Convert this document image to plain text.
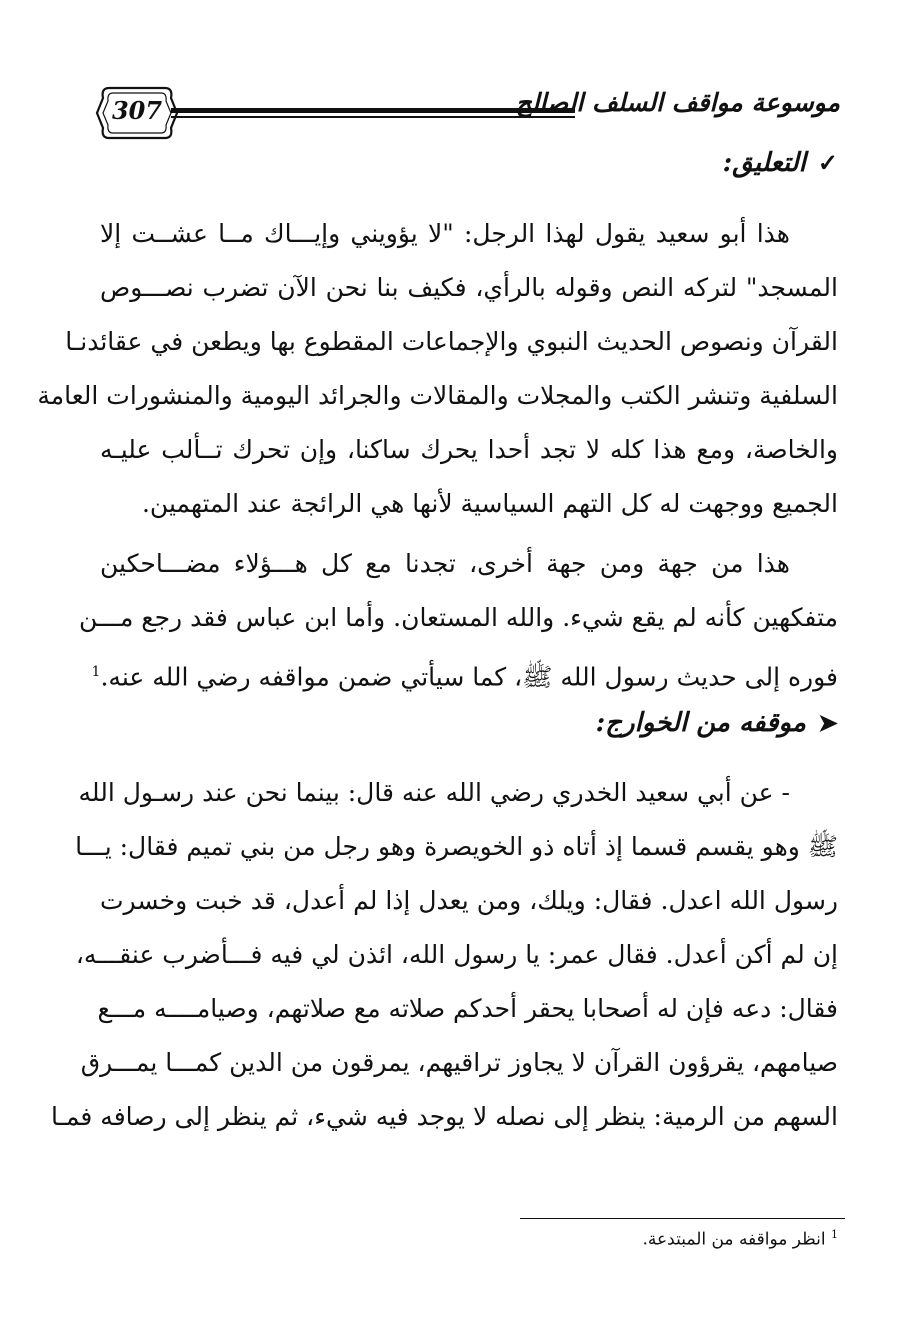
307	موسوعة مواقف السلف الصالح
✓التعليق:
هذا أبو سعيد يقول لهذا الرجل: "لا يؤويني وإيـــاك مــا عشــت إلا
المسجد" لتركه النص وقوله بالرأي، فكيف بنا نحن الآن تضرب نصـــوص
القرآن ونصوص الحديث النبوي والإجماعات المقطوع بها ويطعن في عقائدنـا
السلفية وتنشر الكتب والمجلات والمقالات والجرائد اليومية والمنشورات العامة
والخاصة، ومع هذا كله لا تجد أحدا يحرك ساكنا، وإن تحرك تــألب عليـه
الجميع ووجهت له كل التهم السياسية لأنها هي الرائجة عند المتهمين.
هذا من جهة ومن جهة أخرى، تجدنا مع كل هـــؤلاء مضـــاحكين
متفكهين كأنه لم يقع شيء. والله المستعان. وأما ابن عباس فقد رجع مـــن
فوره إلى حديث رسول الله ﷺ، كما سيأتي ضمن مواقفه رضي الله عنه.$^1$
➤موقفه من الخوارج:
- عن أبي سعيد الخدري رضي الله عنه قال: بينما نحن عند رسـول الله
ﷺ وهو يقسم قسما إذ أتاه ذو الخويصرة وهو رجل من بني تميم فقال: يـــا
رسول الله اعدل. فقال: ويلك، ومن يعدل إذا لم أعدل، قد خبت وخسرت
إن لم أكن أعدل. فقال عمر: يا رسول الله، ائذن لي فيه فـــأضرب عنقـــه،
فقال: دعه فإن له أصحابا يحقر أحدكم صلاته مع صلاتهم، وصيامــــه مـــع
صيامهم، يقرؤون القرآن لا يجاوز تراقيهم، يمرقون من الدين كمـــا يمـــرق
السهم من الرمية: ينظر إلى نصله لا يوجد فيه شيء، ثم ينظر إلى رصافه فمـا
$^1$ انظر مواقفه من المبتدعة.
